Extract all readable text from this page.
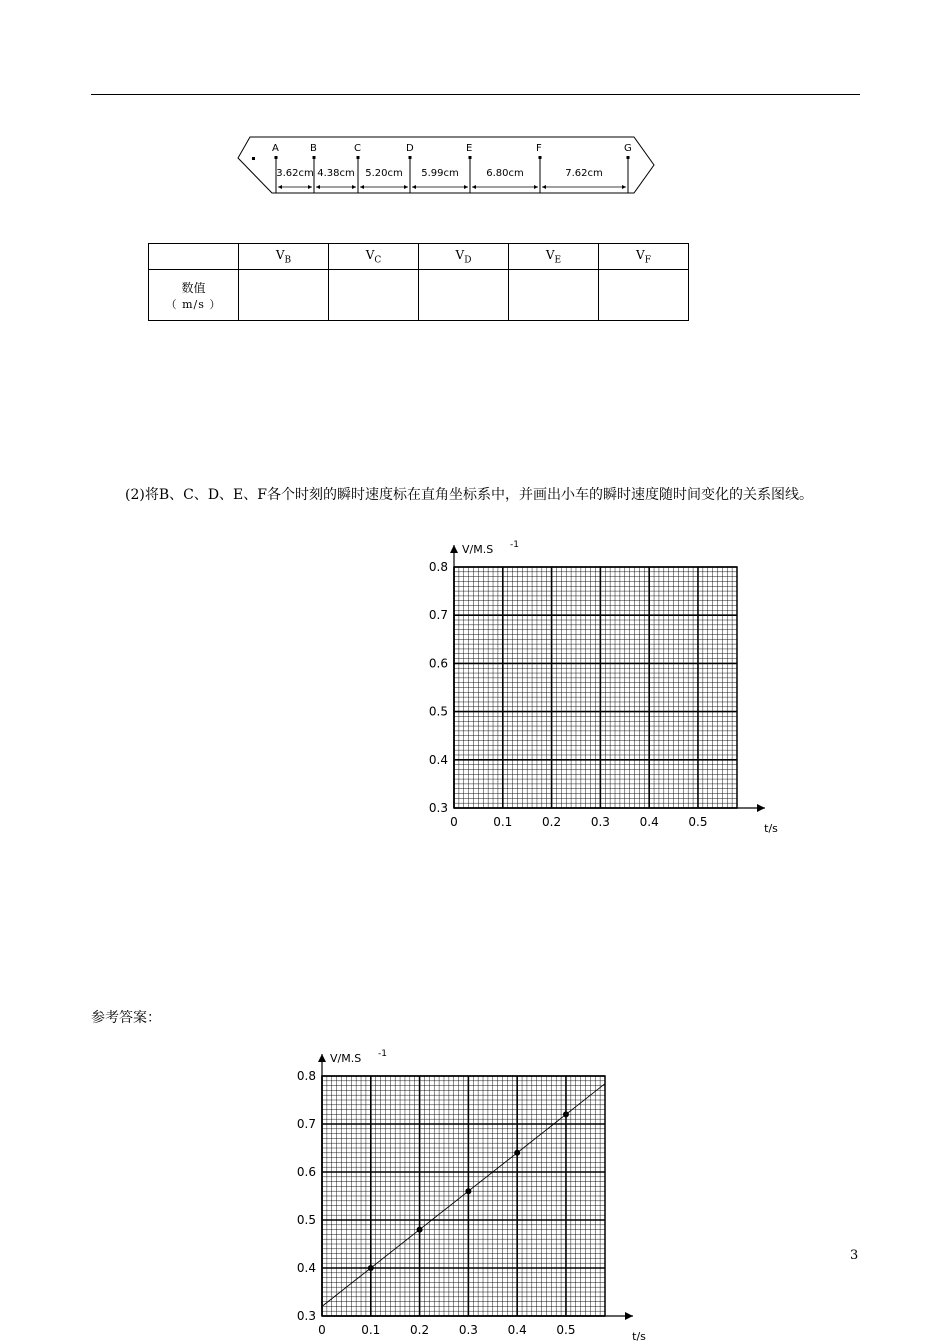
A	B	C	D	E	F	G
3.62cm 4.38cm 5.20cm 5.99cm	6.80cm	7.62cm
	$V_B$	$V_C$	$V_D$	$V_E$	$V_F$

数值
（ m/s ）					

(2)将B、C、D、E、F各个时刻的瞬时速度标在直角坐标系中，并画出小车的瞬时速度随时间变化的关系图线。
0	0.1 0.2 0.3 0.4 0.5
0.3
0.4
0.5
0.6
0.7
0.8
V/M.S -1
t/s
参考答案：
3
0	0.1 0.2 0.3 0.4 0.5
0.3
0.4
0.5
0.6
0.7
0.8
V/M.S -1
t/s
